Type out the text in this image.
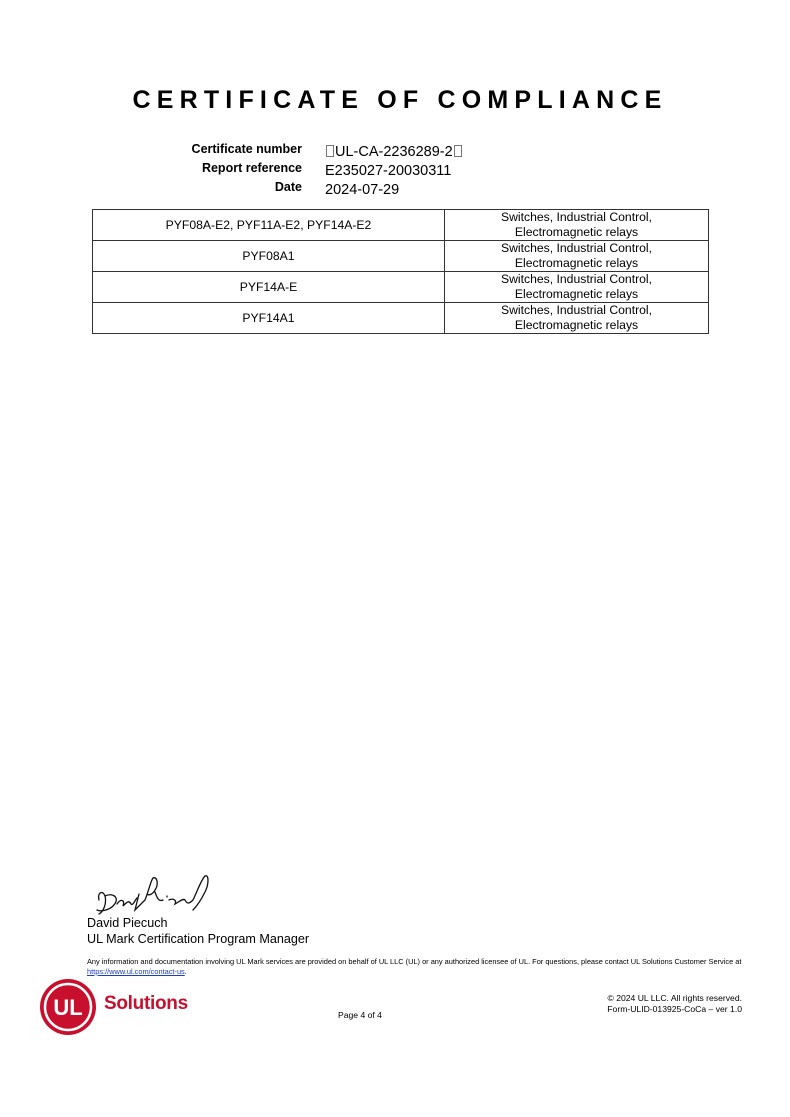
CERTIFICATE OF COMPLIANCE
Certificate number	UL-CA-2236289-2
Report reference E235027-20030311
Date 2024-07-29
PYF08A-E2, PYF11A-E2, PYF14A-E2	Switches, Industrial Control,
Electromagnetic relays
PYF08A1	Switches, Industrial Control,
Electromagnetic relays
PYF14A-E	Switches, Industrial Control,
Electromagnetic relays
PYF14A1	Switches, Industrial Control,
Electromagnetic relays
David Piecuch
UL Mark Certification Program Manager
Any information and documentation involving UL Mark services are provided on behalf of UL LLC (UL) or any authorized licensee of UL. For questions, please contact UL Solutions Customer Service at https://www.ul.com/contact-us.
UL Solutions
Page 4 of 4
© 2024 UL LLC. All rights reserved.
Form-ULID-013925-CoCa – ver 1.0
